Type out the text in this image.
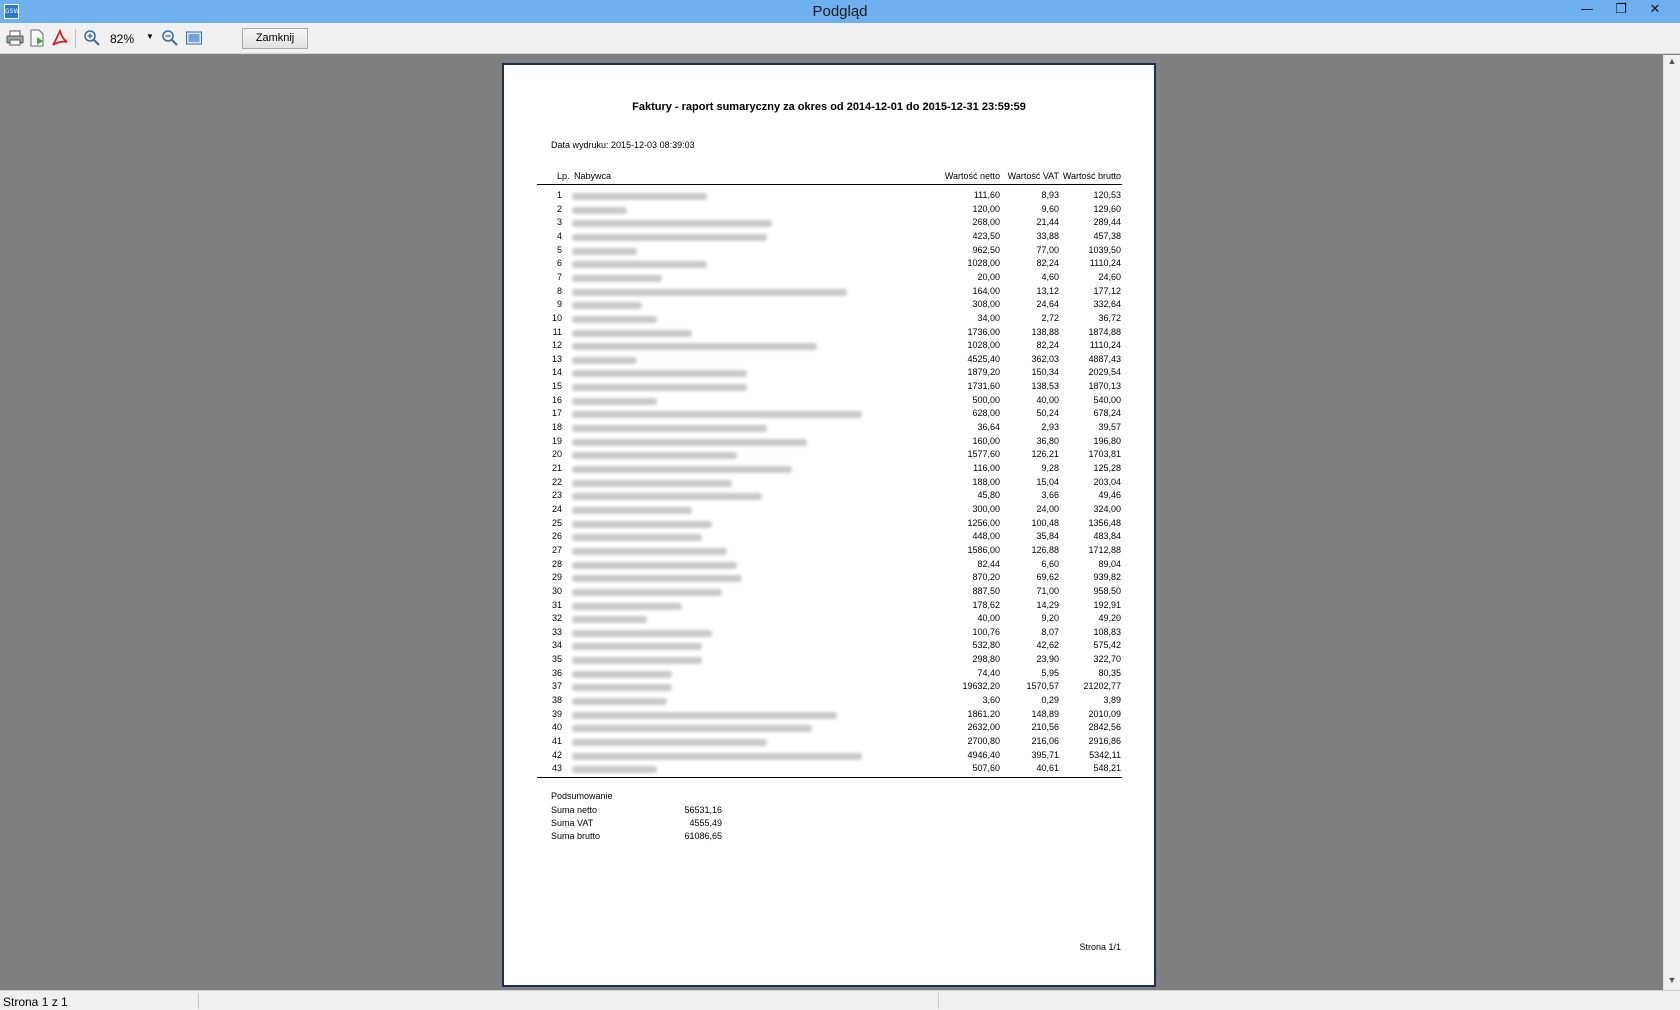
GSW	Podgląd	—	❐	✕
82% ▼	Zamknij
▲
▼
Faktury - raport sumaryczny za okres od 2014-12-01 do 2015-12-31 23:59:59
Data wydruku: 2015-12-03 08:39:03
Lp. Nabywca	Wartość netto Wartość VAT Wartość brutto
1	111,60	8,93	120,53
2	120,00	9,60	129,60
3	268,00	21,44	289,44
4	423,50	33,88	457,38
5	962,50	77,00	1039,50
6	1028,00	82,24	1110,24
7	20,00	4,60	24,60
8	164,00	13,12	177,12
9	308,00	24,64	332,64
10	34,00	2,72	36,72
11	1736,00	138,88	1874,88
12	1028,00	82,24	1110,24
13	4525,40	362,03	4887,43
14	1879,20	150,34	2029,54
15	1731,60	138,53	1870,13
16	500,00	40,00	540,00
17	628,00	50,24	678,24
18	36,64	2,93	39,57
19	160,00	36,80	196,80
20	1577,60	126,21	1703,81
21	116,00	9,28	125,28
22	188,00	15,04	203,04
23	45,80	3,66	49,46
24	300,00	24,00	324,00
25	1256,00	100,48	1356,48
26	448,00	35,84	483,84
27	1586,00	126,88	1712,88
28	82,44	6,60	89,04
29	870,20	69,62	939,82
30	887,50	71,00	958,50
31	178,62	14,29	192,91
32	40,00	9,20	49,20
33	100,76	8,07	108,83
34	532,80	42,62	575,42
35	298,80	23,90	322,70
36	74,40	5,95	80,35
37	19632,20	1570,57	21202,77
38	3,60	0,29	3,89
39	1861,20	148,89	2010,09
40	2632,00	210,56	2842,56
41	2700,80	216,06	2916,86
42	4946,40	395,71	5342,11
43	507,60	40,61	548,21
Podsumowanie
Suma netto	56531,16
Suma VAT	4555,49
Suma brutto	61086,65
Strona 1/1
Strona 1 z 1
